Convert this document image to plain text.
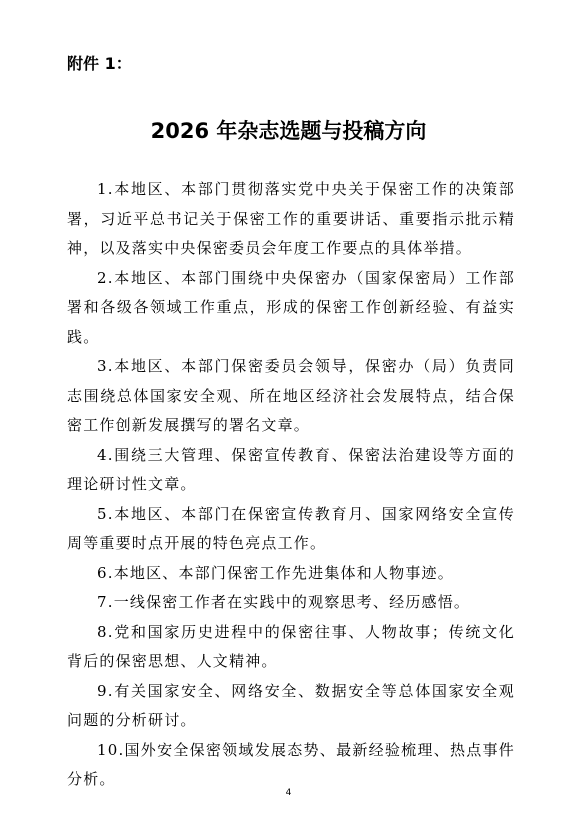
附件 1：
2026 年杂志选题与投稿方向

1.本地区、本部门贯彻落实党中央关于保密工作的决策部署，习近平总书记关于保密工作的重要讲话、重要指示批示精神，以及落实中央保密委员会年度工作要点的具体举措。

2.本地区、本部门围绕中央保密办（国家保密局）工作部署和各级各领域工作重点，形成的保密工作创新经验、有益实践。

3.本地区、本部门保密委员会领导，保密办（局）负责同志围绕总体国家安全观、所在地区经济社会发展特点，结合保密工作创新发展撰写的署名文章。

4.围绕三大管理、保密宣传教育、保密法治建设等方面的理论研讨性文章。

5.本地区、本部门在保密宣传教育月、国家网络安全宣传周等重要时点开展的特色亮点工作。

6.本地区、本部门保密工作先进集体和人物事迹。

7.一线保密工作者在实践中的观察思考、经历感悟。

8.党和国家历史进程中的保密往事、人物故事；传统文化背后的保密思想、人文精神。

9.有关国家安全、网络安全、数据安全等总体国家安全观问题的分析研讨。

10.国外安全保密领域发展态势、最新经验梳理、热点事件分析。

4
